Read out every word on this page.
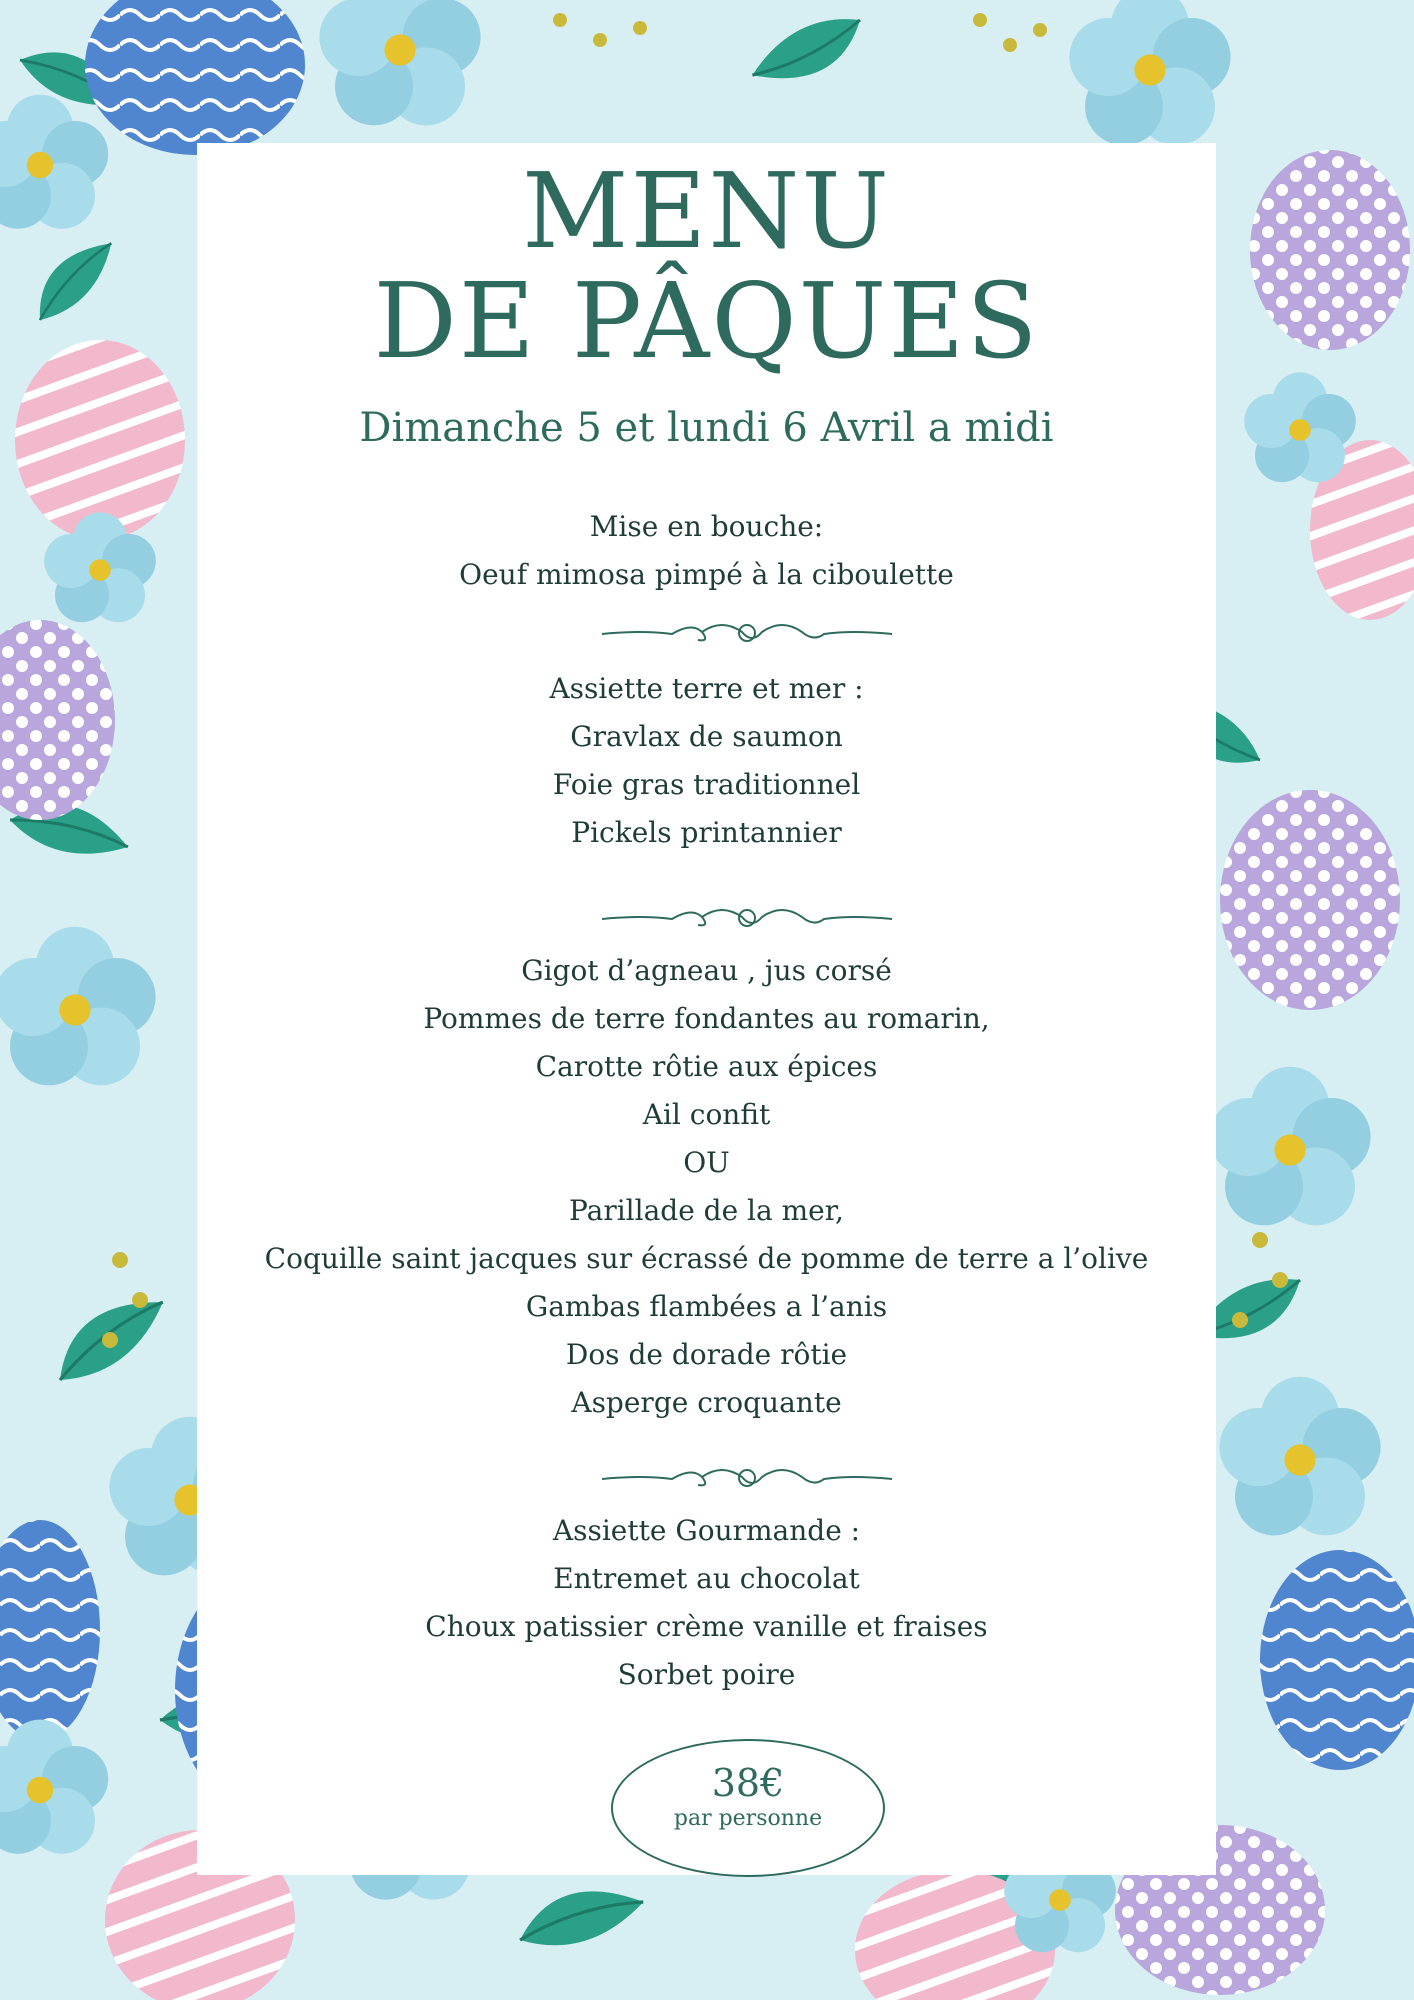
MENU
DE PÂQUES
Dimanche 5 et lundi 6 Avril a midi
Mise en bouche:
Oeuf mimosa pimpé à la ciboulette
Assiette terre et mer :
Gravlax de saumon
Foie gras traditionnel
Pickels printannier
Gigot d’agneau , jus corsé
Pommes de terre fondantes au romarin,
Carotte rôtie aux épices
Ail confit
OU
Parillade de la mer,
Coquille saint jacques sur écrassé de pomme de terre a l’olive
Gambas flambées a l’anis
Dos de dorade rôtie
Asperge croquante
Assiette Gourmande :
Entremet au chocolat
Choux patissier crème vanille et fraises
Sorbet poire
38€
par personne
